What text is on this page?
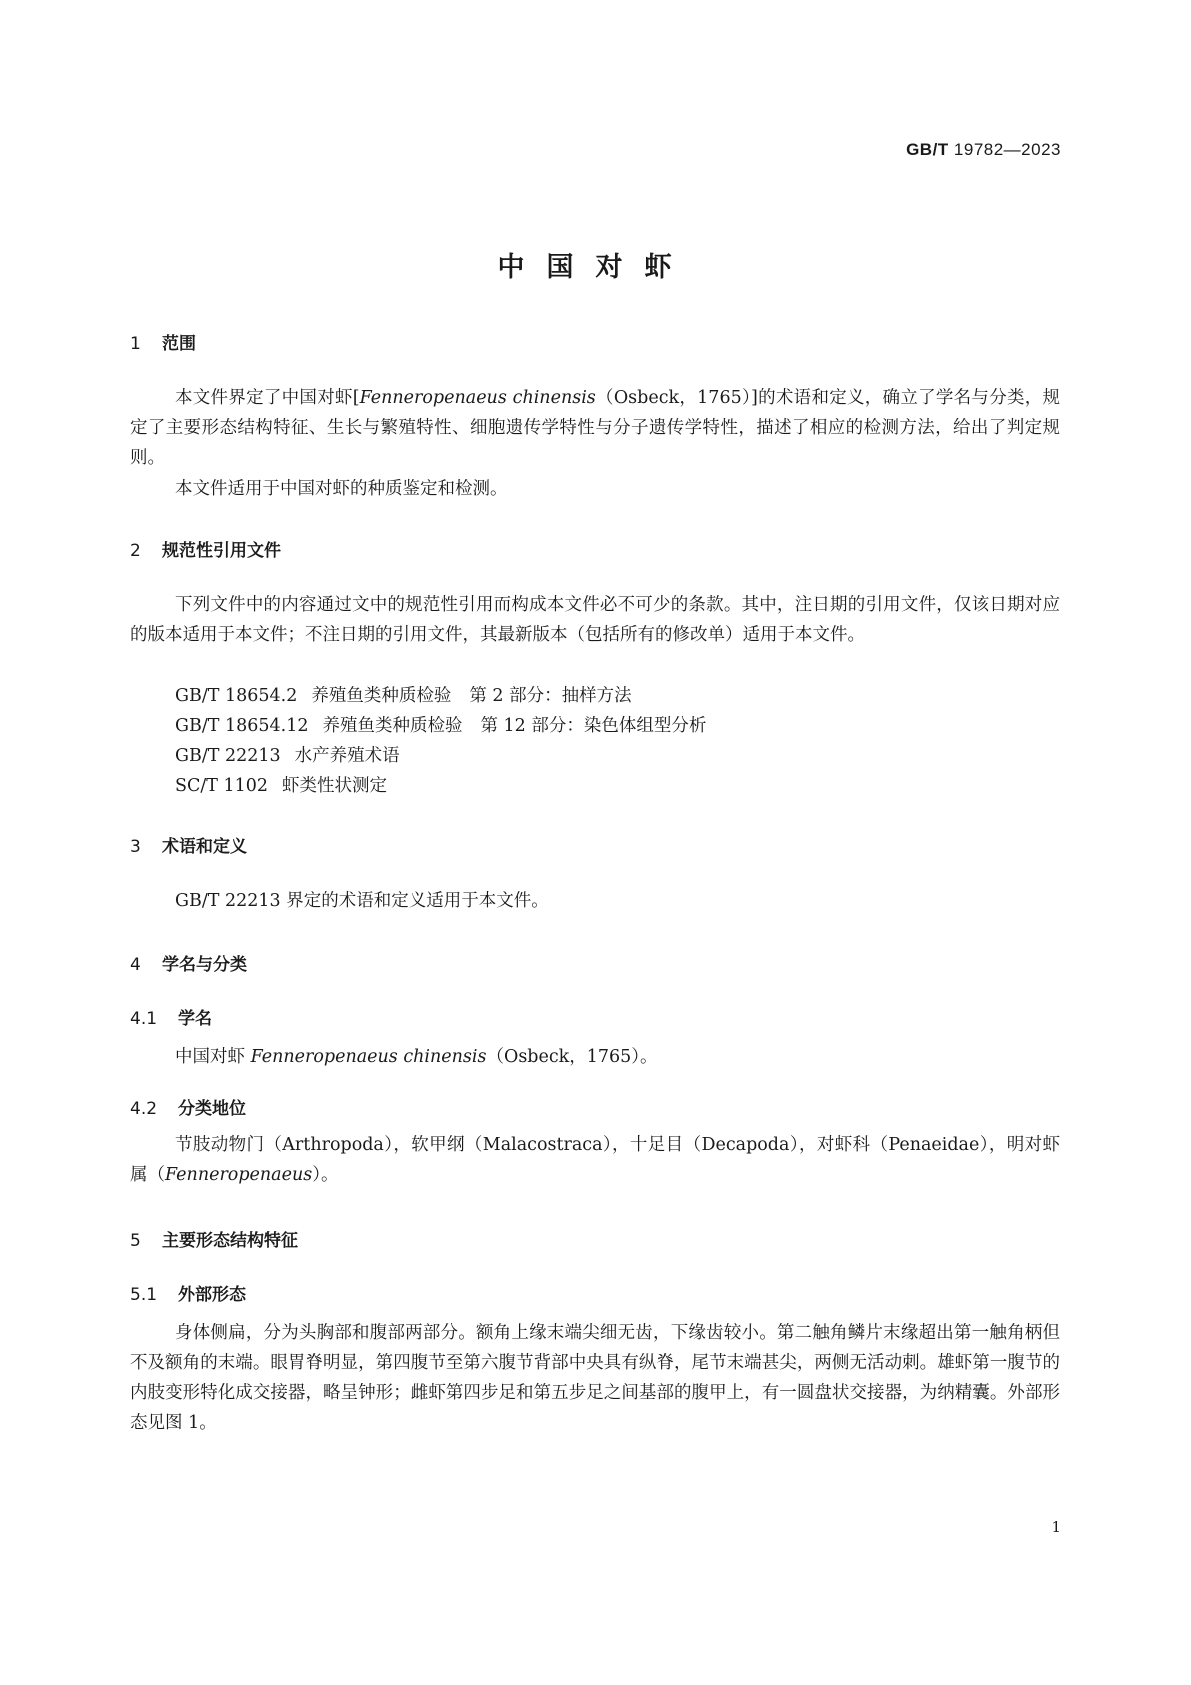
GB/T 19782—2023
中国对虾
1 范围

本文件界定了中国对虾[Fenneropenaeus chinensis（Osbeck，1765）]的术语和定义，确立了学名与分类，规定了主要形态结构特征、生长与繁殖特性、细胞遗传学特性与分子遗传学特性，描述了相应的检测方法，给出了判定规则。

本文件适用于中国对虾的种质鉴定和检测。

2 规范性引用文件

下列文件中的内容通过文中的规范性引用而构成本文件必不可少的条款。其中，注日期的引用文件，仅该日期对应的版本适用于本文件；不注日期的引用文件，其最新版本（包括所有的修改单）适用于本文件。

GB/T 18654.2 养殖鱼类种质检验 第 2 部分：抽样方法

GB/T 18654.12 养殖鱼类种质检验 第 12 部分：染色体组型分析

GB/T 22213 水产养殖术语

SC/T 1102 虾类性状测定

3 术语和定义

GB/T 22213 界定的术语和定义适用于本文件。

4 学名与分类
4.1 学名

中国对虾 Fenneropenaeus chinensis（Osbeck，1765）。

4.2 分类地位

节肢动物门（Arthropoda），软甲纲（Malacostraca），十足目（Decapoda），对虾科（Penaeidae），明对虾属（Fenneropenaeus）。

5 主要形态结构特征
5.1 外部形态

身体侧扁，分为头胸部和腹部两部分。额角上缘末端尖细无齿，下缘齿较小。第二触角鳞片末缘超出第一触角柄但不及额角的末端。眼胃脊明显，第四腹节至第六腹节背部中央具有纵脊，尾节末端甚尖，两侧无活动刺。雄虾第一腹节的内肢变形特化成交接器，略呈钟形；雌虾第四步足和第五步足之间基部的腹甲上，有一圆盘状交接器，为纳精囊。外部形态见图 1。

1
